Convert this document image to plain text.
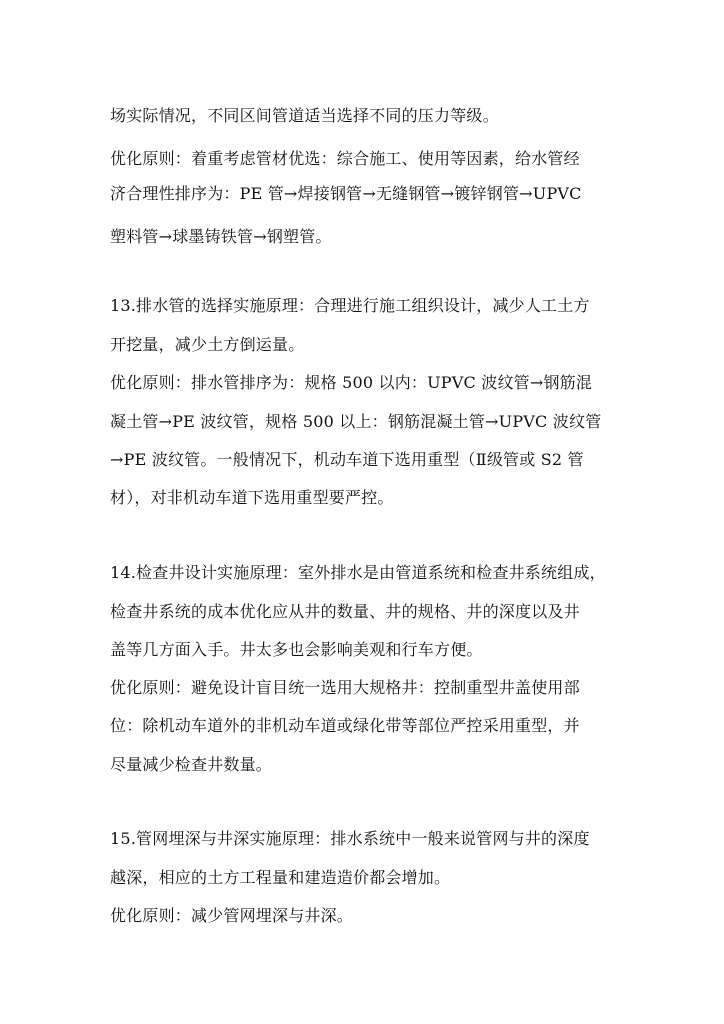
场实际情况，不同区间管道适当选择不同的压力等级。
优化原则：着重考虑管材优选：综合施工、使用等因素，给水管经
济合理性排序为：PE 管→焊接钢管→无缝钢管→镀锌钢管→UPVC
塑料管→球墨铸铁管→钢塑管。
13.排水管的选择实施原理：合理进行施工组织设计，减少人工土方
开挖量，减少土方倒运量。
优化原则：排水管排序为：规格 500 以内：UPVC 波纹管→钢筋混
凝土管→PE 波纹管，规格 500 以上：钢筋混凝土管→UPVC 波纹管
→PE 波纹管。一般情况下，机动车道下选用重型（Ⅱ级管或 S2 管
材），对非机动车道下选用重型要严控。
14.检查井设计实施原理：室外排水是由管道系统和检查井系统组成，
检查井系统的成本优化应从井的数量、井的规格、井的深度以及井
盖等几方面入手。井太多也会影响美观和行车方便。
优化原则：避免设计盲目统一选用大规格井：控制重型井盖使用部
位：除机动车道外的非机动车道或绿化带等部位严控采用重型，并
尽量减少检查井数量。
15.管网埋深与井深实施原理：排水系统中一般来说管网与井的深度
越深，相应的土方工程量和建造造价都会增加。
优化原则：减少管网埋深与井深。
